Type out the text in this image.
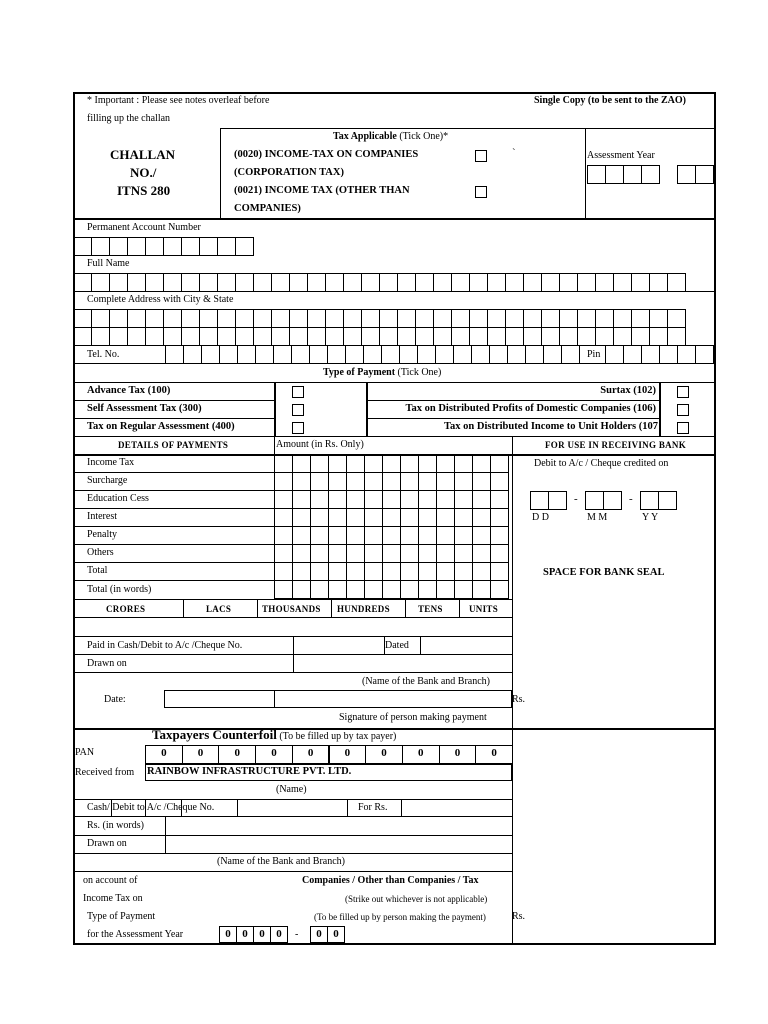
* Important : Please see notes overleaf before
filling up the challan
Single Copy (to be sent to the ZAO)
CHALLAN
NO./
ITNS 280
Tax Applicable (Tick One)*
(0020) INCOME-TAX ON COMPANIES	`
(CORPORATION TAX)
(0021) INCOME TAX (OTHER THAN
COMPANIES)
Assessment Year
Permanent Account Number
Full Name
Complete Address with City & State
Tel. No.	Pin
Type of Payment (Tick One)
Advance Tax (100)
Self Assessment Tax (300)
Tax on Regular Assessment (400)
Surtax (102)
Tax on Distributed Profits of Domestic Companies (106)
Tax on Distributed Income to Unit Holders (107
DETAILS OF PAYMENTS	Amount (in Rs. Only)	FOR USE IN RECEIVING BANK
Income Tax
Surcharge
Education Cess
Interest
Penalty
Others
Total
Total (in words)
CRORES	LACS	THOUSANDS HUNDREDS	TENS	UNITS
Paid in Cash/Debit to A/c /Cheque No.	Dated
Drawn on
(Name of the Bank and Branch)
Date:	Rs.
Signature of person making payment
Debit to A/c / Cheque credited on
-	-
D D	M M	Y Y
SPACE FOR BANK SEAL
Taxpayers Counterfoil (To be filled up by tax payer)
PAN	0	0	0	0	0	0	0	0	0	0
Received from RAINBOW INFRASTRUCTURE PVT. LTD.
(Name)
Cash/ Debit to A/c /Cheque No.	For Rs.
Rs. (in words)
Drawn on
(Name of the Bank and Branch)
on account of	Companies / Other than Companies / Tax
Income Tax on	(Strike out whichever is not applicable)
Type of Payment	(To be filled up by person making the payment)	Rs.
for the Assessment Year	0	0	0	0	-	0	0
